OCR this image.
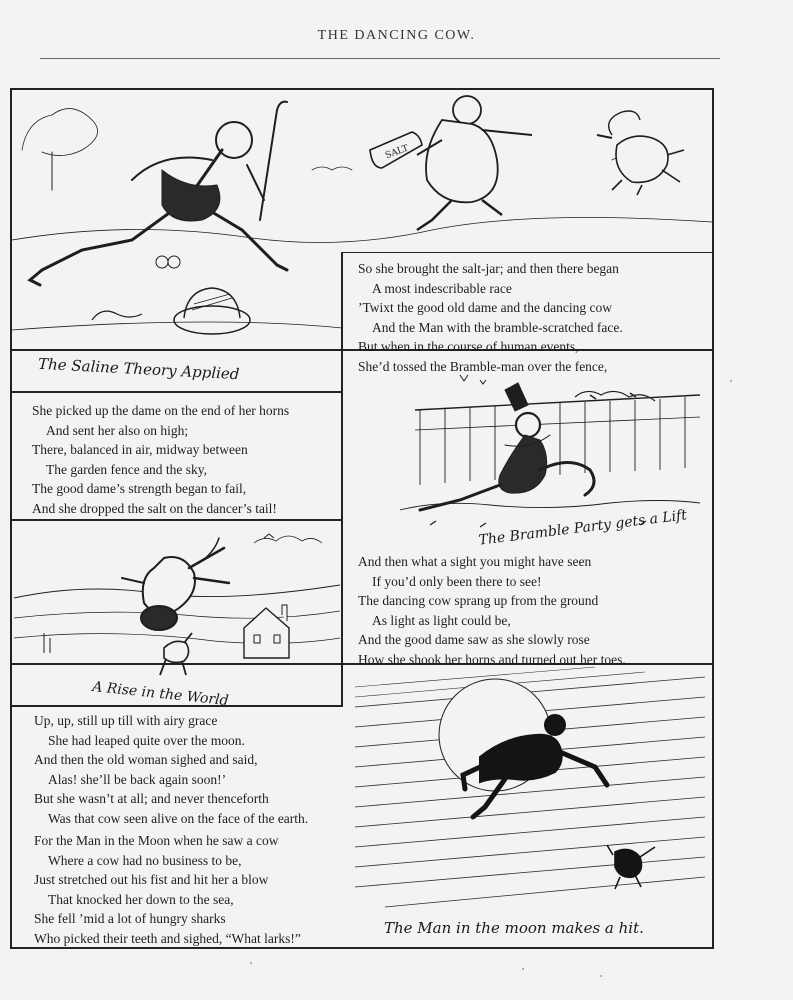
THE DANCING COW.
The Saline Theory Applied
The Bramble Party gets a Lift
A Rise in the World
The Man in the moon makes a hit.
So she brought the salt-jar; and then there began
A most indescribable race
’Twixt the good old dame and the dancing cow
And the Man with the bramble-scratched face.
But when in the course of human events,
She’d tossed the Bramble-man over the fence,
She picked up the dame on the end of her horns
And sent her also on high;
There, balanced in air, midway between
The garden fence and the sky,
The good dame’s strength began to fail,
And she dropped the salt on the dancer’s tail!
And then what a sight you might have seen
If you’d only been there to see!
The dancing cow sprang up from the ground
As light as light could be,
And the good dame saw as she slowly rose
How she shook her horns and turned out her toes.
Up, up, still up till with airy grace
She had leaped quite over the moon.
And then the old woman sighed and said,
Alas! she’ll be back again soon!’
But she wasn’t at all; and never thenceforth
Was that cow seen alive on the face of the earth.
For the Man in the Moon when he saw a cow
Where a cow had no business to be,
Just stretched out his fist and hit her a blow
That knocked her down to the sea,
She fell ’mid a lot of hungry sharks
Who picked their teeth and sighed, “What larks!”
SALT
